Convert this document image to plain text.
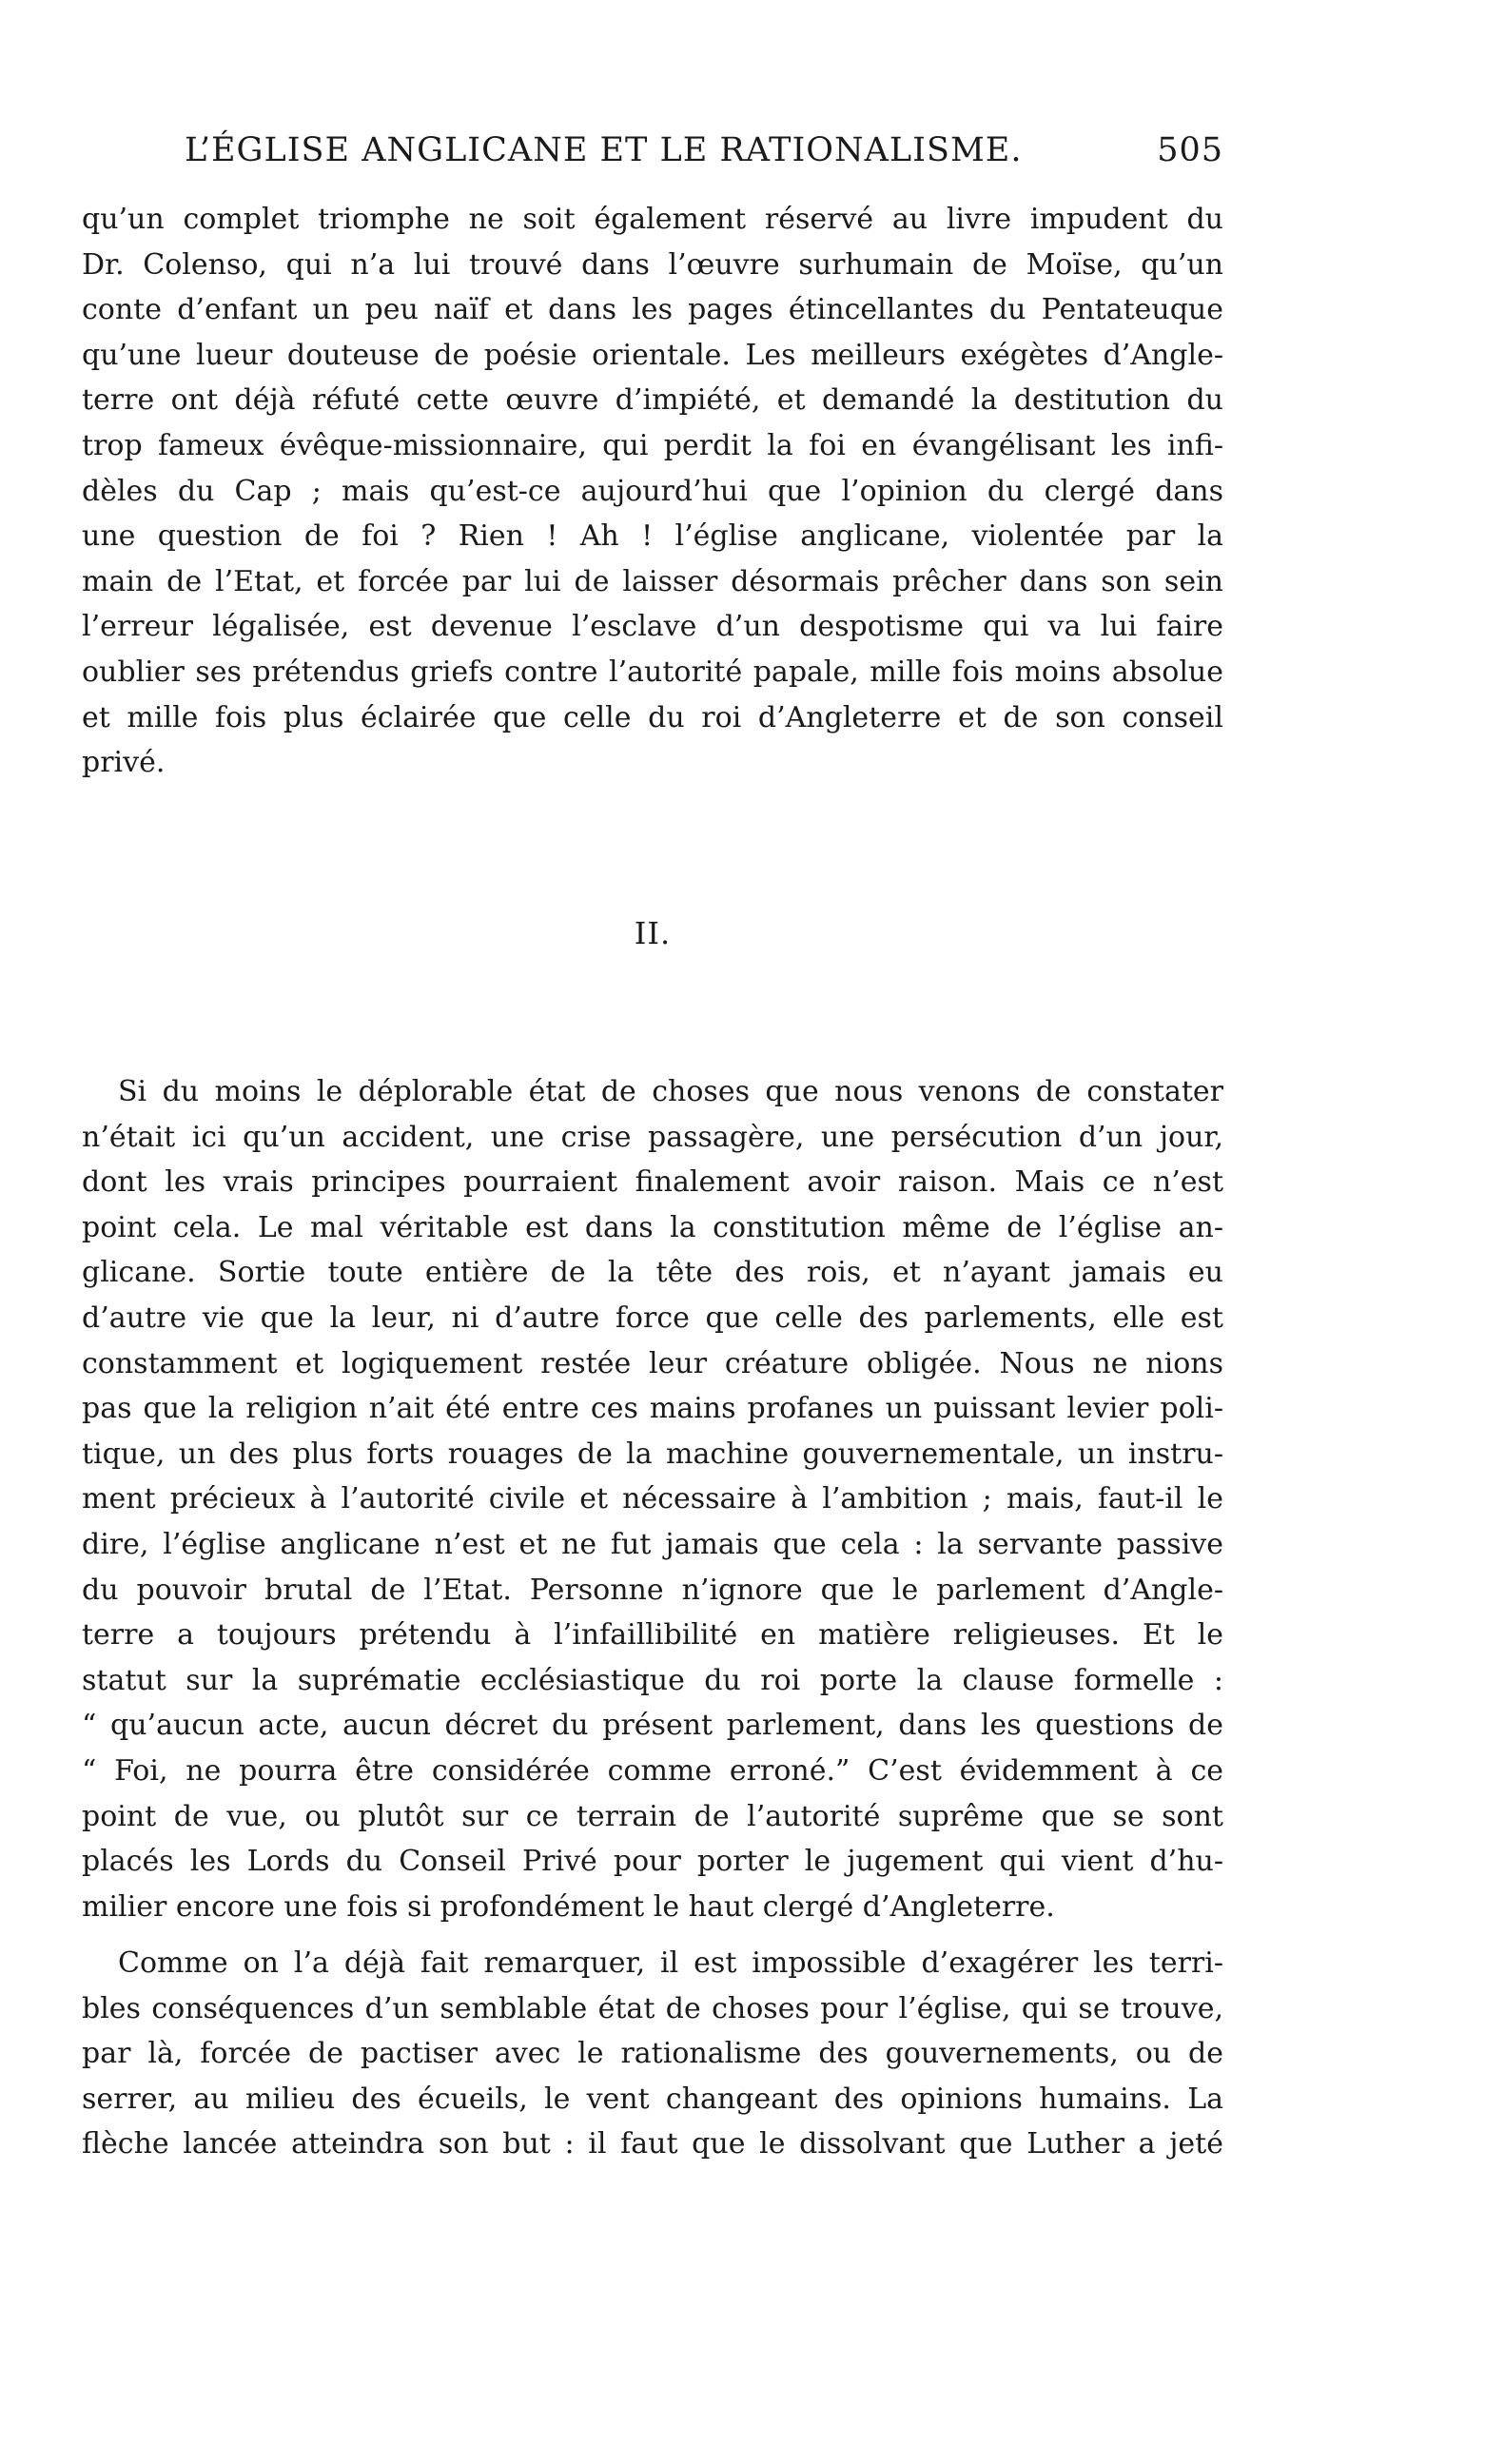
L’ÉGLISE ANGLICANE ET LE RATIONALISME.	505
qu’un complet triomphe ne soit également réservé au livre impudent du
Dr. Colenso, qui n’a lui trouvé dans l’œuvre surhumain de Moïse, qu’un
conte d’enfant un peu naïf et dans les pages étincellantes du Pentateuque
qu’une lueur douteuse de poésie orientale. Les meilleurs exégètes d’Angle-
terre ont déjà réfuté cette œuvre d’impiété, et demandé la destitution du
trop fameux évêque-missionnaire, qui perdit la foi en évangélisant les infi-
dèles du Cap ; mais qu’est-ce aujourd’hui que l’opinion du clergé dans
une question de foi ? Rien ! Ah ! l’église anglicane, violentée par la
main de l’Etat, et forcée par lui de laisser désormais prêcher dans son sein
l’erreur légalisée, est devenue l’esclave d’un despotisme qui va lui faire
oublier ses prétendus griefs contre l’autorité papale, mille fois moins absolue
et mille fois plus éclairée que celle du roi d’Angleterre et de son conseil
privé.
II.
Si du moins le déplorable état de choses que nous venons de constater
n’était ici qu’un accident, une crise passagère, une persécution d’un jour,
dont les vrais principes pourraient finalement avoir raison. Mais ce n’est
point cela. Le mal véritable est dans la constitution même de l’église an-
glicane. Sortie toute entière de la tête des rois, et n’ayant jamais eu
d’autre vie que la leur, ni d’autre force que celle des parlements, elle est
constamment et logiquement restée leur créature obligée. Nous ne nions
pas que la religion n’ait été entre ces mains profanes un puissant levier poli-
tique, un des plus forts rouages de la machine gouvernementale, un instru-
ment précieux à l’autorité civile et nécessaire à l’ambition ; mais, faut-il le
dire, l’église anglicane n’est et ne fut jamais que cela : la servante passive
du pouvoir brutal de l’Etat. Personne n’ignore que le parlement d’Angle-
terre a toujours prétendu à l’infaillibilité en matière religieuses. Et le
statut sur la suprématie ecclésiastique du roi porte la clause formelle :
“ qu’aucun acte, aucun décret du présent parlement, dans les questions de
“ Foi, ne pourra être considérée comme erroné.” C’est évidemment à ce
point de vue, ou plutôt sur ce terrain de l’autorité suprême que se sont
placés les Lords du Conseil Privé pour porter le jugement qui vient d’hu-
milier encore une fois si profondément le haut clergé d’Angleterre.
Comme on l’a déjà fait remarquer, il est impossible d’exagérer les terri-
bles conséquences d’un semblable état de choses pour l’église, qui se trouve,
par là, forcée de pactiser avec le rationalisme des gouvernements, ou de
serrer, au milieu des écueils, le vent changeant des opinions humains. La
flèche lancée atteindra son but : il faut que le dissolvant que Luther a jeté
